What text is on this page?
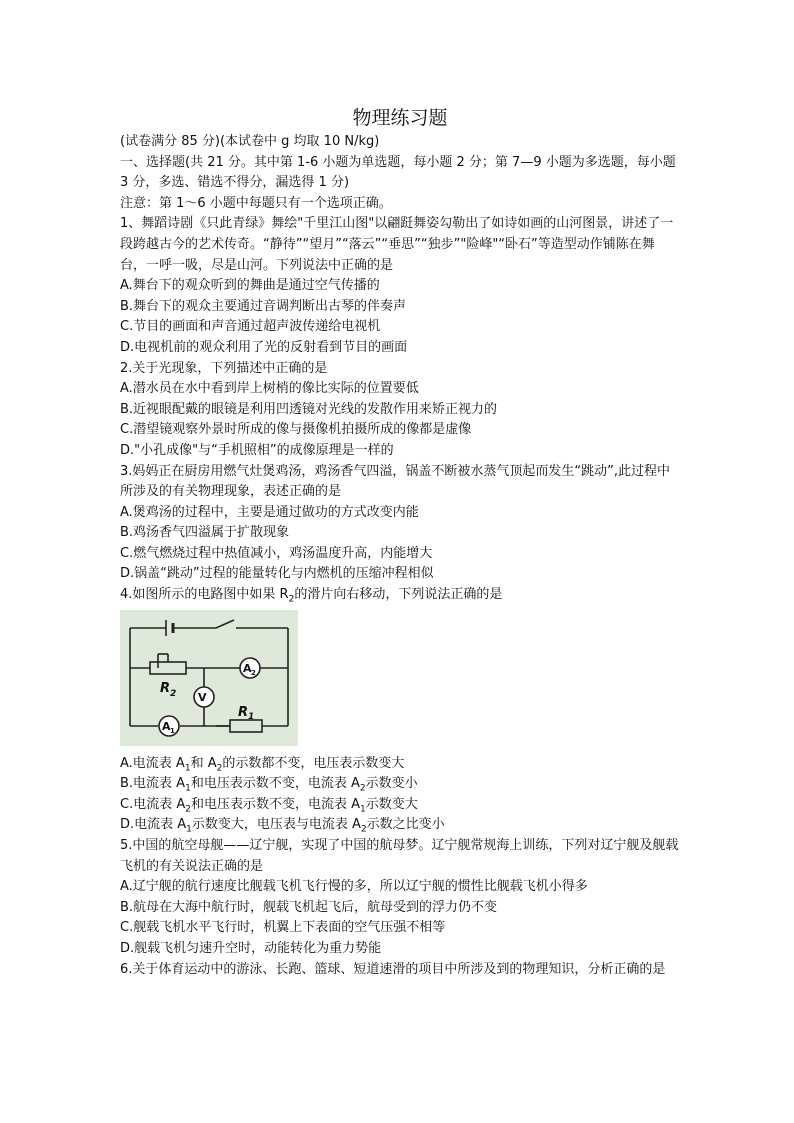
物理练习题
(试卷满分 85 分)(本试卷中 g 均取 10 N/kg)
一、选择题(共 21 分。其中第 1-6 小题为单选题，每小题 2 分；第 7—9 小题为多选题，每小题 3 分，多选、错选不得分，漏选得 1 分)
注意：第 1～6 小题中每题只有一个选项正确。
1、舞蹈诗剧《只此青绿》舞绘"千里江山图"以翩跹舞姿勾勒出了如诗如画的山河图景，讲述了一段跨越古今的艺术传奇。“静待”“望月”“落云”“垂思”“独步”"险峰"“卧石”等造型动作铺陈在舞台，一呼一吸，尽是山河。下列说法中正确的是
A.舞台下的观众听到的舞曲是通过空气传播的
B.舞台下的观众主要通过音调判断出古琴的伴奏声
C.节目的画面和声音通过超声波传递给电视机
D.电视机前的观众利用了光的反射看到节目的画面
2.关于光现象，下列描述中正确的是
A.潜水员在水中看到岸上树梢的像比实际的位置要低
B.近视眼配戴的眼镜是利用凹透镜对光线的发散作用来矫正视力的
C.潜望镜观察外景时所成的像与摄像机拍摄所成的像都是虚像
D."小孔成像"与“手机照相”的成像原理是一样的
3.妈妈正在厨房用燃气灶煲鸡汤，鸡汤香气四溢，锅盖不断被水蒸气顶起而发生“跳动”,此过程中所涉及的有关物理现象，表述正确的是
A.煲鸡汤的过程中，主要是通过做功的方式改变内能
B.鸡汤香气四溢属于扩散现象
C.燃气燃烧过程中热值减小，鸡汤温度升高，内能增大
D.锅盖“跳动”过程的能量转化与内燃机的压缩冲程相似
4.如图所示的电路图中如果 $R_2$的滑片向右移动，下列说法正确的是
R 2
R 1
V
A 2
A 1
A.电流表 $A_1$和 $A_2$的示数都不变，电压表示数变大
B.电流表 $A_1$和电压表示数不变，电流表 $A_2$示数变小
C.电流表 $A_2$和电压表示数不变，电流表 $A_1$示数变大
D.电流表 $A_1$示数变大，电压表与电流表 $A_2$示数之比变小
5.中国的航空母舰——辽宁舰，实现了中国的航母梦。辽宁舰常规海上训练，下列对辽宁舰及舰载飞机的有关说法正确的是
A.辽宁舰的航行速度比舰载飞机飞行慢的多，所以辽宁舰的惯性比舰载飞机小得多
B.航母在大海中航行时，舰载飞机起飞后，航母受到的浮力仍不变
C.舰载飞机水平飞行时，机翼上下表面的空气压强不相等
D.舰载飞机匀速升空时，动能转化为重力势能
6.关于体育运动中的游泳、长跑、篮球、短道速滑的项目中所涉及到的物理知识，分析正确的是
